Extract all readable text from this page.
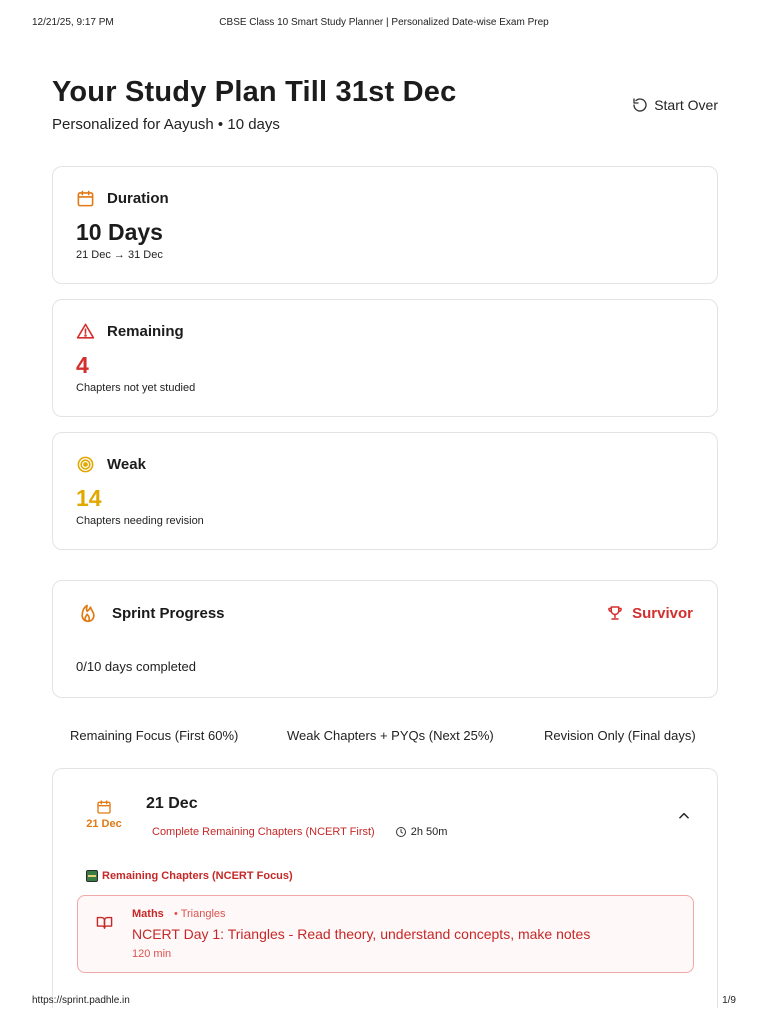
12/21/25, 9:17 PM	CBSE Class 10 Smart Study Planner | Personalized Date-wise Exam Prep
Your Study Plan Till 31st Dec
Personalized for Aayush • 10 days
Start Over
Duration
10 Days
21 Dec → 31 Dec
Remaining
4
Chapters not yet studied
Weak
14
Chapters needing revision
Sprint Progress	Survivor
0/10 days completed
Remaining Focus (First 60%)	Weak Chapters + PYQs (Next 25%)	Revision Only (Final days)
21 Dec
21 Dec
Complete Remaining Chapters (NCERT First)	2h 50m
Remaining Chapters (NCERT Focus)
Maths • Triangles
NCERT Day 1: Triangles - Read theory, understand concepts, make notes
120 min
https://sprint.padhle.in	1/9
